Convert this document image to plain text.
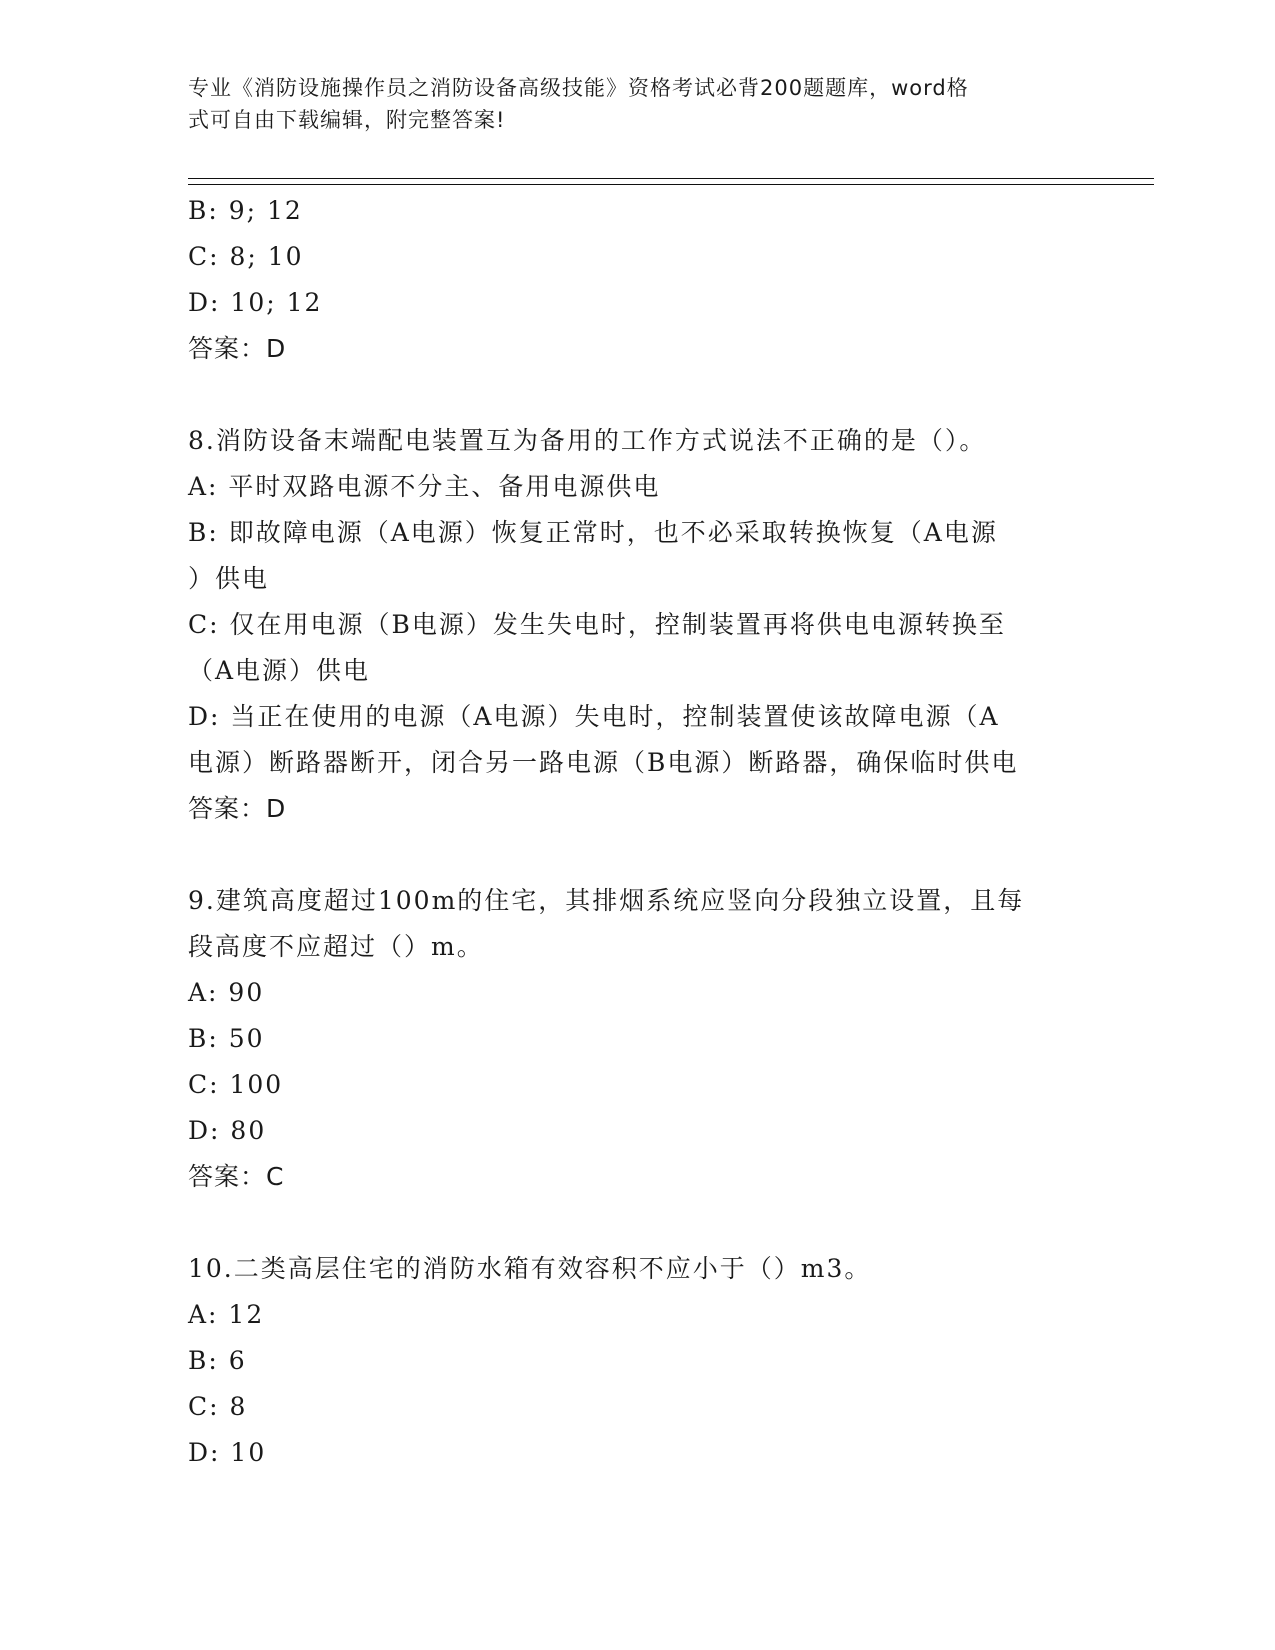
专业《消防设施操作员之消防设备高级技能》资格考试必背200题题库，word格
式可自由下载编辑，附完整答案!
B: 9; 12
C: 8; 10
D: 10; 12
答案：D
8.消防设备末端配电装置互为备用的工作方式说法不正确的是（）。
A: 平时双路电源不分主、备用电源供电
B: 即故障电源（A电源）恢复正常时，也不必采取转换恢复（A电源
）供电
C: 仅在用电源（B电源）发生失电时，控制装置再将供电电源转换至
（A电源）供电
D: 当正在使用的电源（A电源）失电时，控制装置使该故障电源（A
电源）断路器断开，闭合另一路电源（B电源）断路器，确保临时供电
答案：D
9.建筑高度超过100m的住宅，其排烟系统应竖向分段独立设置，且每
段高度不应超过（）m。
A: 90
B: 50
C: 100
D: 80
答案：C
10.二类高层住宅的消防水箱有效容积不应小于（）m3。
A: 12
B: 6
C: 8
D: 10
